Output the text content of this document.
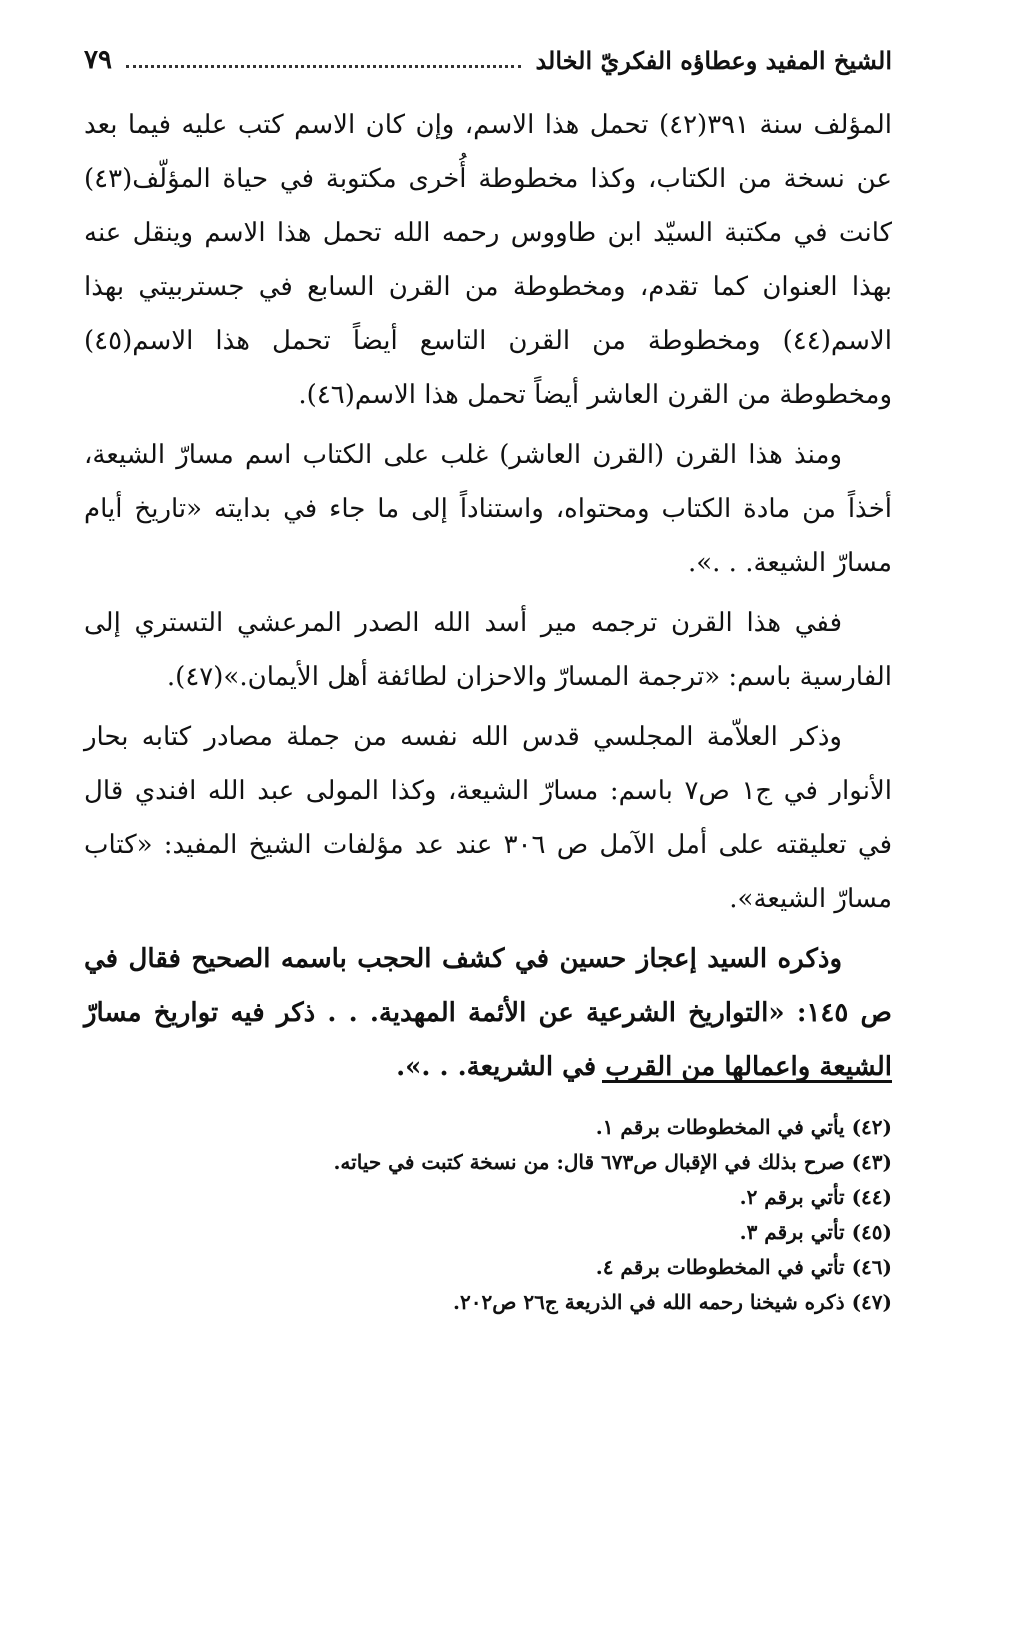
الشيخ المفيد وعطاؤه الفكريّ الخالد
٧٩

المؤلف سنة ٣٩١(٤٢) تحمل هذا الاسم، وإن كان الاسم كتب عليه فيما بعد عن نسخة من الكتاب، وكذا مخطوطة أُخرى مكتوبة في حياة المؤلّف(٤٣) كانت في مكتبة السيّد ابن طاووس رحمه الله تحمل هذا الاسم وينقل عنه بهذا العنوان كما تقدم، ومخطوطة من القرن السابع في جستربيتي بهذا الاسم(٤٤) ومخطوطة من القرن التاسع أيضاً تحمل هذا الاسم(٤٥) ومخطوطة من القرن العاشر أيضاً تحمل هذا الاسم(٤٦).

ومنذ هذا القرن (القرن العاشر) غلب على الكتاب اسم مسارّ الشيعة، أخذاً من مادة الكتاب ومحتواه، واستناداً إلى ما جاء في بدايته «تاريخ أيام مسارّ الشيعة. . .».

ففي هذا القرن ترجمه مير أسد الله الصدر المرعشي التستري إلى الفارسية باسم: «ترجمة المسارّ والاحزان لطائفة أهل الأيمان.»(٤٧).

وذكر العلاّمة المجلسي قدس الله نفسه من جملة مصادر كتابه بحار الأنوار في ج١ ص٧ باسم: مسارّ الشيعة، وكذا المولى عبد الله افندي قال في تعليقته على أمل الآمل ص ٣٠٦ عند عد مؤلفات الشيخ المفيد: «كتاب مسارّ الشيعة».

وذكره السيد إعجاز حسين في كشف الحجب باسمه الصحيح فقال في ص ١٤٥: «التواريخ الشرعية عن الأئمة المهدية. . . ذكر فيه تواريخ مسارّ الشيعة واعمالها من القرب في الشريعة. . .».

(٤٢) يأتي في المخطوطات برقم ١.
(٤٣) صرح بذلك في الإقبال ص٦٧٣ قال: من نسخة كتبت في حياته.
(٤٤) تأتي برقم ٢.
(٤٥) تأتي برقم ٣.
(٤٦) تأتي في المخطوطات برقم ٤.
(٤٧) ذكره شيخنا رحمه الله في الذريعة ج٢٦ ص٢٠٢.
